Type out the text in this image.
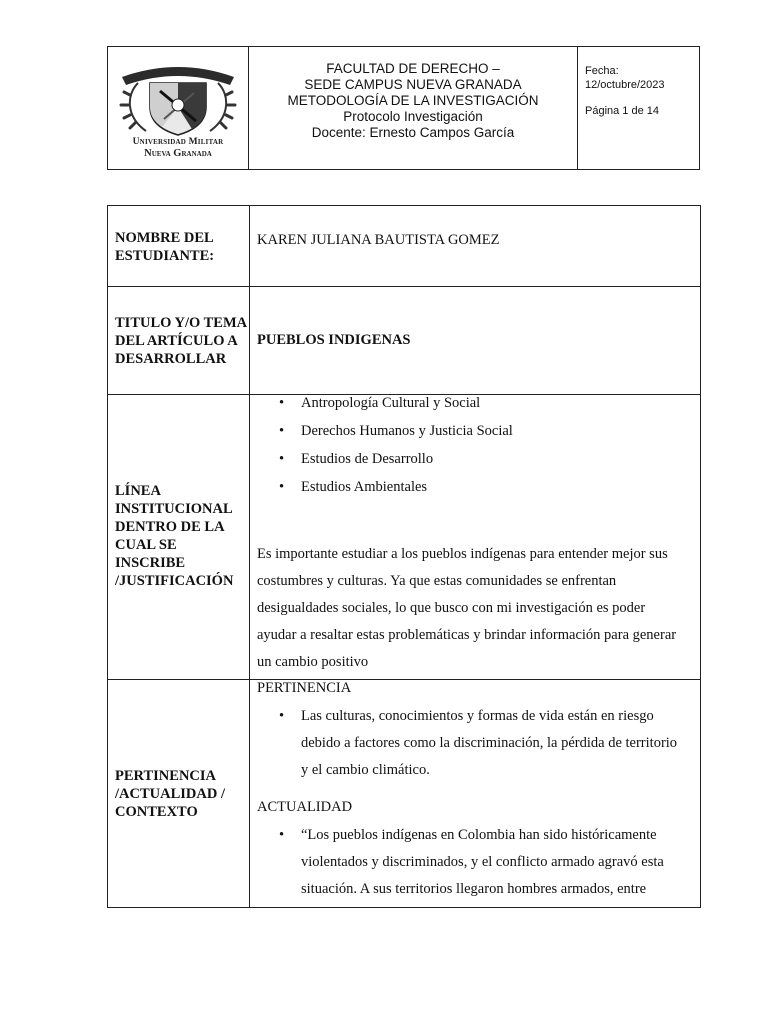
Universidad Militar
Nueva Granada
FACULTAD DE DERECHO –
SEDE CAMPUS NUEVA GRANADA
METODOLOGÍA DE LA INVESTIGACIÓN
Protocolo Investigación
Docente: Ernesto Campos García
Fecha:
12/octubre/2023
Página 1 de 14
NOMBRE DEL ESTUDIANTE:
KAREN JULIANA BAUTISTA GOMEZ
TITULO Y/O TEMA DEL ARTÍCULO A DESARROLLAR
PUEBLOS INDIGENAS
LÍNEA INSTITUCIONAL DENTRO DE LA CUAL SE INSCRIBE /JUSTIFICACIÓN
• Antropología Cultural y Social
• Derechos Humanos y Justicia Social
• Estudios de Desarrollo
• Estudios Ambientales
Es importante estudiar a los pueblos indígenas para entender mejor sus
costumbres y culturas. Ya que estas comunidades se enfrentan
desigualdades sociales, lo que busco con mi investigación es poder
ayudar a resaltar estas problemáticas y brindar información para generar
un cambio positivo
PERTINENCIA /ACTUALIDAD / CONTEXTO
PERTINENCIA
• Las culturas, conocimientos y formas de vida están en riesgo
debido a factores como la discriminación, la pérdida de territorio
y el cambio climático.
ACTUALIDAD
• “Los pueblos indígenas en Colombia han sido históricamente
violentados y discriminados, y el conflicto armado agravó esta
situación. A sus territorios llegaron hombres armados, entre
